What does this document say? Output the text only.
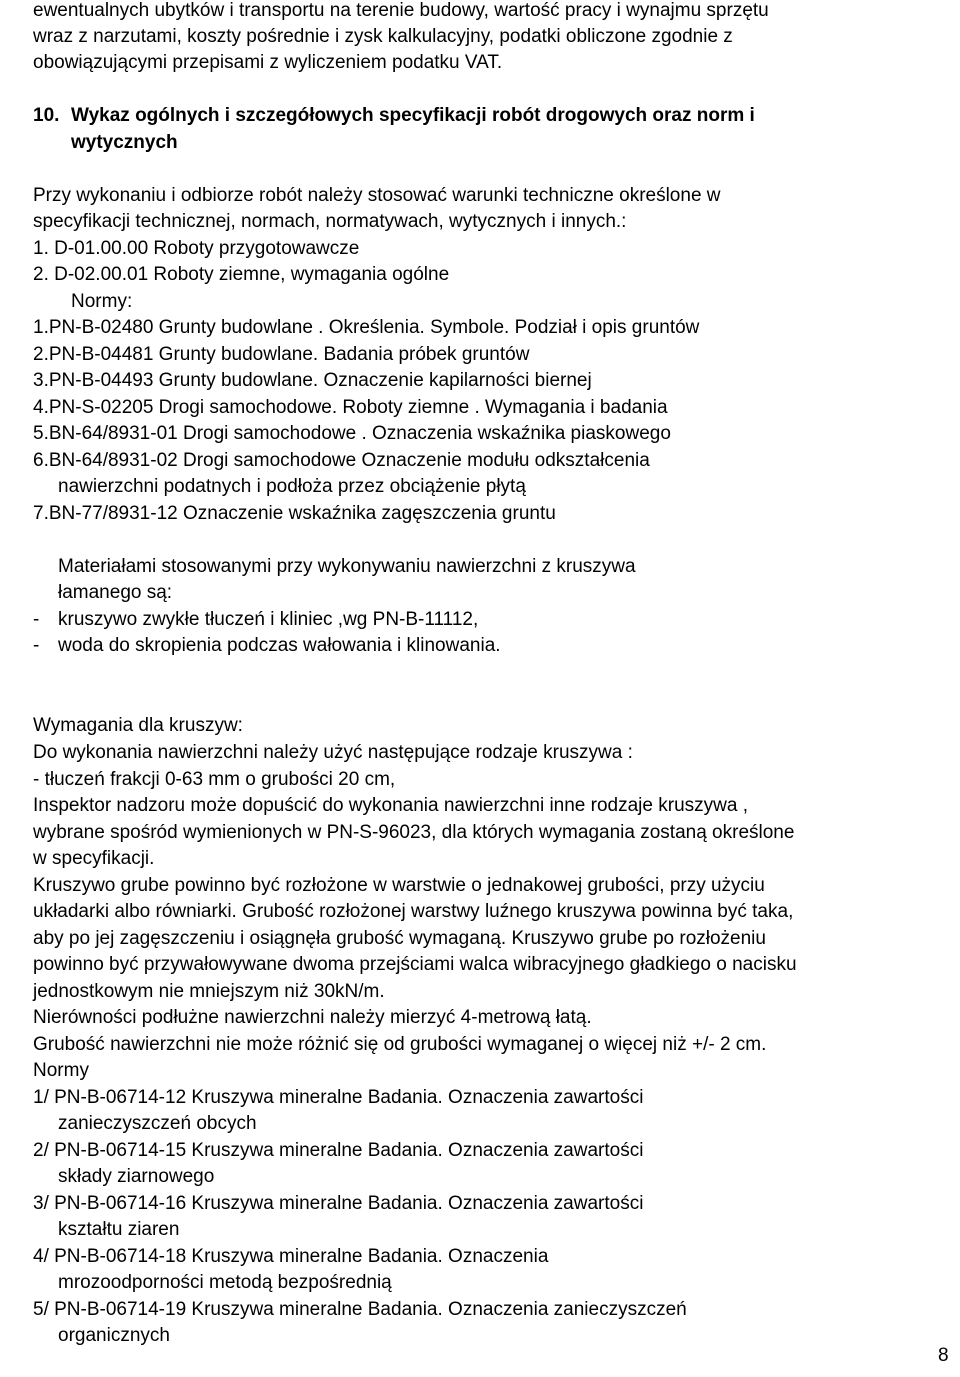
ewentualnych ubytków i transportu na terenie budowy, wartość pracy i wynajmu sprzętu
wraz z narzutami, koszty pośrednie i zysk kalkulacyjny, podatki obliczone zgodnie z
obowiązującymi przepisami z wyliczeniem podatku VAT.
10. Wykaz ogólnych i szczegółowych specyfikacji robót drogowych oraz norm i
wytycznych
Przy wykonaniu i odbiorze robót należy stosować warunki techniczne określone w
specyfikacji technicznej, normach, normatywach, wytycznych i innych.:
1. D-01.00.00 Roboty przygotowawcze
2. D-02.00.01 Roboty ziemne, wymagania ogólne
Normy:
1.PN-B-02480 Grunty budowlane . Określenia. Symbole. Podział i opis gruntów
2.PN-B-04481 Grunty budowlane. Badania próbek gruntów
3.PN-B-04493 Grunty budowlane. Oznaczenie kapilarności biernej
4.PN-S-02205 Drogi samochodowe. Roboty ziemne . Wymagania i badania
5.BN-64/8931-01 Drogi samochodowe . Oznaczenia wskaźnika piaskowego
6.BN-64/8931-02 Drogi samochodowe Oznaczenie modułu odkształcenia
nawierzchni podatnych i podłoża przez obciążenie płytą
7.BN-77/8931-12 Oznaczenie wskaźnika zagęszczenia gruntu
Materiałami stosowanymi przy wykonywaniu nawierzchni z kruszywa
łamanego są:
- kruszywo zwykłe tłuczeń i kliniec ,wg PN-B-11112,
- woda do skropienia podczas wałowania i klinowania.
Wymagania dla kruszyw:
Do wykonania nawierzchni należy użyć następujące rodzaje kruszywa :
- tłuczeń frakcji 0-63 mm o grubości 20 cm,
Inspektor nadzoru może dopuścić do wykonania nawierzchni inne rodzaje kruszywa ,
wybrane spośród wymienionych w PN-S-96023, dla których wymagania zostaną określone
w specyfikacji.
Kruszywo grube powinno być rozłożone w warstwie o jednakowej grubości, przy użyciu
układarki albo równiarki. Grubość rozłożonej warstwy luźnego kruszywa powinna być taka,
aby po jej zagęszczeniu i osiągnęła grubość wymaganą. Kruszywo grube po rozłożeniu
powinno być przywałowywane dwoma przejściami walca wibracyjnego gładkiego o nacisku
jednostkowym nie mniejszym niż 30kN/m.
Nierówności podłużne nawierzchni należy mierzyć 4-metrową łatą.
Grubość nawierzchni nie może różnić się od grubości wymaganej o więcej niż +/- 2 cm.
Normy
1/ PN-B-06714-12 Kruszywa mineralne Badania. Oznaczenia zawartości
zanieczyszczeń obcych
2/ PN-B-06714-15 Kruszywa mineralne Badania. Oznaczenia zawartości
składy ziarnowego
3/ PN-B-06714-16 Kruszywa mineralne Badania. Oznaczenia zawartości
kształtu ziaren
4/ PN-B-06714-18 Kruszywa mineralne Badania. Oznaczenia
mrozoodporności metodą bezpośrednią
5/ PN-B-06714-19 Kruszywa mineralne Badania. Oznaczenia zanieczyszczeń
organicznych
8
